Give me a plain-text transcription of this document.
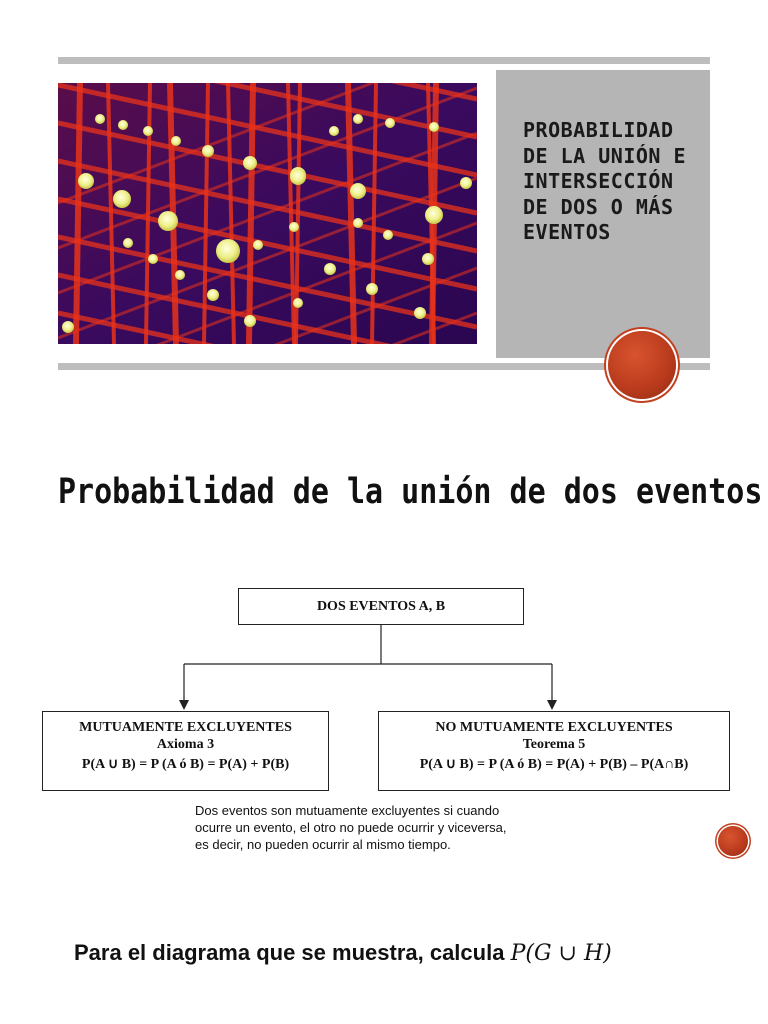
PROBABILIDAD DE LA UNIÓN E INTERSECCIÓN DE DOS O MÁS EVENTOS
Probabilidad de la unión de dos eventos
DOS EVENTOS A, B
MUTUAMENTE EXCLUYENTES
Axioma 3
P(A ∪ B) = P (A ó B) = P(A) + P(B)
NO MUTUAMENTE EXCLUYENTES
Teorema 5
P(A ∪ B) = P (A ó B) = P(A) + P(B) – P(A∩B)
Dos eventos son mutuamente excluyentes si cuando
ocurre un evento, el otro no puede ocurrir y viceversa,
es decir, no pueden ocurrir al mismo tiempo.
Para el diagrama que se muestra, calcula P(G ∪ H)
